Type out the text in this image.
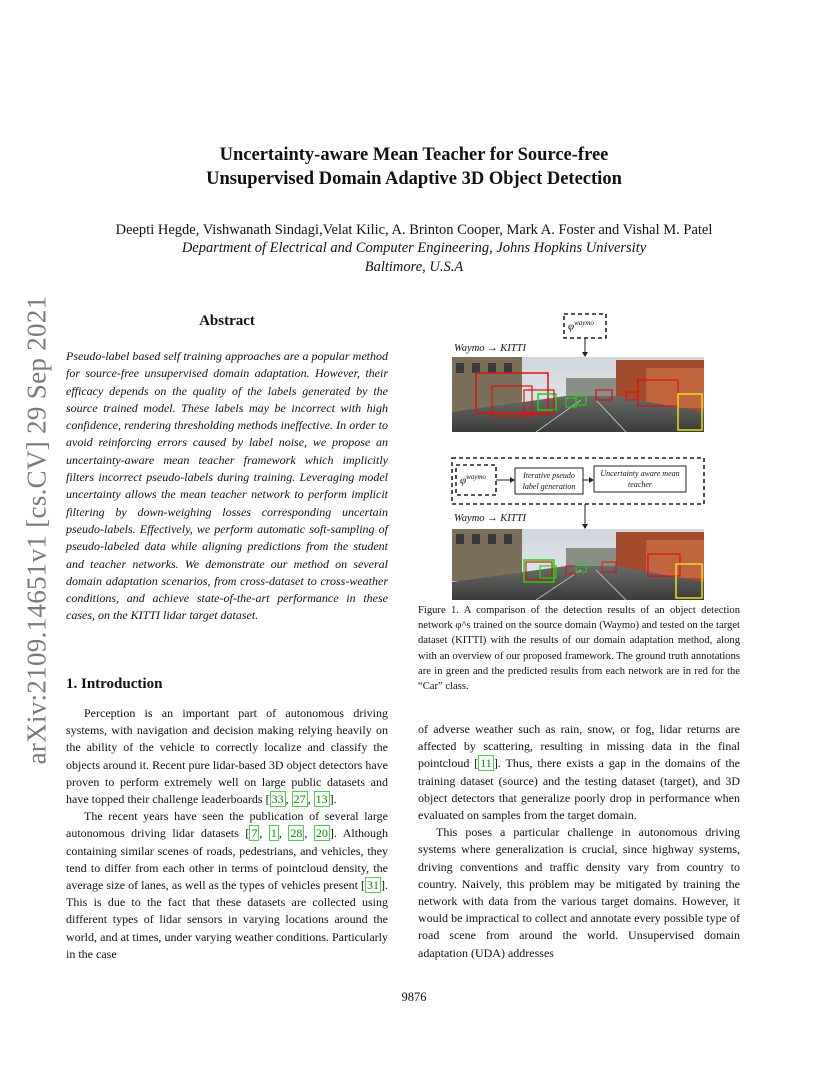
arXiv:2109.14651v1 [cs.CV] 29 Sep 2021
Uncertainty-aware Mean Teacher for Source-free
Unsupervised Domain Adaptive 3D Object Detection
Deepti Hegde, Vishwanath Sindagi,Velat Kilic, A. Brinton Cooper, Mark A. Foster and Vishal M. Patel
Department of Electrical and Computer Engineering, Johns Hopkins University
Baltimore, U.S.A
Abstract
Pseudo-label based self training approaches are a popular method for source-free unsupervised domain adaptation. However, their efficacy depends on the quality of the labels generated by the source trained model. These labels may be incorrect with high confidence, rendering thresholding methods ineffective. In order to avoid reinforcing errors caused by label noise, we propose an uncertainty-aware mean teacher framework which implicitly filters incorrect pseudo-labels during training. Leveraging model uncertainty allows the mean teacher network to perform implicit filtering by down-weighing losses corresponding uncertain pseudo-labels. Effectively, we perform automatic soft-sampling of pseudo-labeled data while aligning predictions from the student and teacher networks. We demonstrate our method on several domain adaptation scenarios, from cross-dataset to cross-weather conditions, and achieve state-of-the-art performance in these cases, on the KITTI lidar target dataset.
1. Introduction

Perception is an important part of autonomous driving systems, with navigation and decision making relying heavily on the ability of the vehicle to correctly localize and classify the objects around it. Recent pure lidar-based 3D object detectors have proven to perform extremely well on large public datasets and have topped their challenge leaderboards [ 33 , 27 , 13 ].

The recent years have seen the publication of several large autonomous driving lidar datasets [ 7 , 1 , 28 , 20 ]. Although containing similar scenes of roads, pedestrians, and vehicles, they tend to differ from each other in terms of pointcloud density, the average size of lanes, as well as the types of vehicles present [ 31 ]. This is due to the fact that these datasets are collected using different types of lidar sensors in varying locations around the world, and at times, under varying weather conditions. Particularly in the case

$\varphi^{waymo}$
Waymo → KITTI
$\varphi^{waymo}$	Iterative pseudo label generation
Uncertainty aware mean teacher
Waymo → KITTI
Figure 1. A comparison of the detection results of an object detection network φ^s trained on the source domain (Waymo) and tested on the target dataset (KITTI) with the results of our domain adaptation method, along with an overview of our proposed framework. The ground truth annotations are in green and the predicted results from each network are in red for the “Car” class.

of adverse weather such as rain, snow, or fog, lidar returns are affected by scattering, resulting in missing data in the final pointcloud [ 11 ]. Thus, there exists a gap in the domains of the training dataset (source) and the testing dataset (target), and 3D object detectors that generalize poorly drop in performance when evaluated on samples from the target domain.

This poses a particular challenge in autonomous driving systems where generalization is crucial, since highway systems, driving conventions and traffic density vary from country to country. Naively, this problem may be mitigated by training the network with data from the various target domains. However, it would be impractical to collect and annotate every possible type of road scene from around the world. Unsupervised domain adaptation (UDA) addresses

9876
